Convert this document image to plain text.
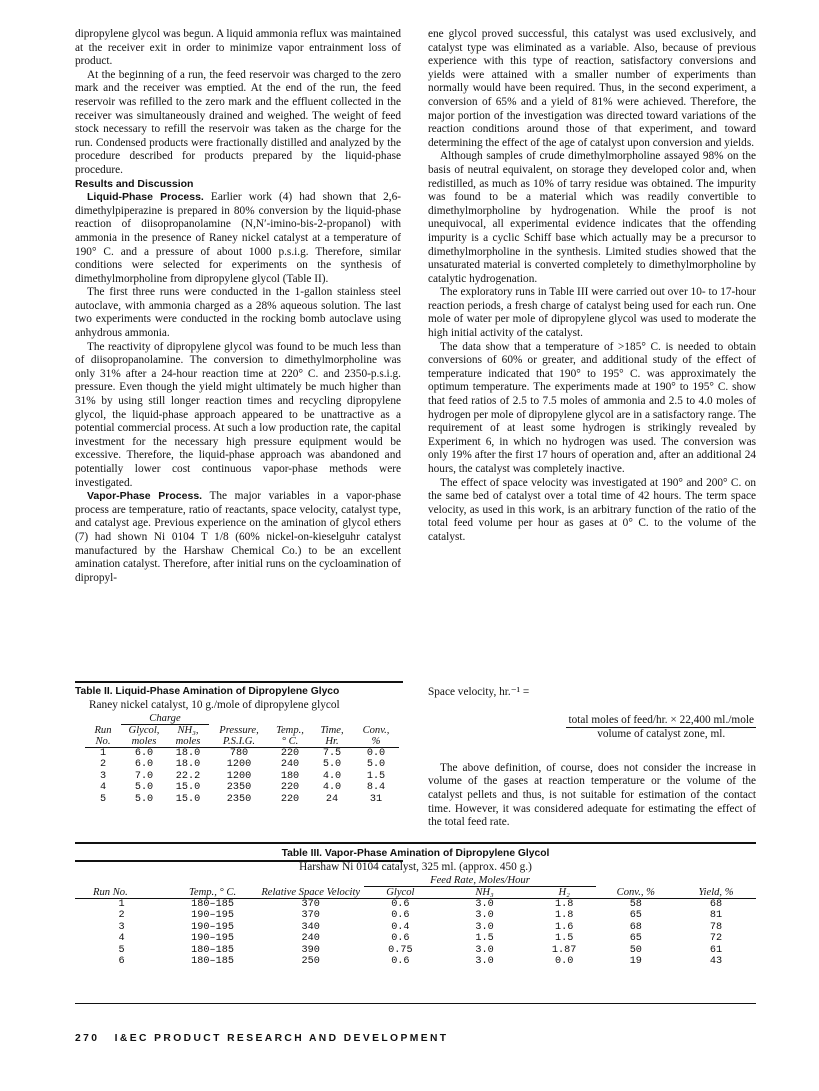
dipropylene glycol was begun. A liquid ammonia reflux was maintained at the receiver exit in order to minimize vapor entrainment loss of product.

At the beginning of a run, the feed reservoir was charged to the zero mark and the receiver was emptied. At the end of the run, the feed reservoir was refilled to the zero mark and the effluent collected in the receiver was simultaneously drained and weighed. The weight of feed stock necessary to refill the reservoir was taken as the charge for the run. Condensed products were fractionally distilled and analyzed by the procedure described for products prepared by the liquid-phase procedure.

Results and Discussion

Liquid-Phase Process. Earlier work (4) had shown that 2,6-dimethylpiperazine is prepared in 80% conversion by the liquid-phase reaction of diisopropanolamine (N,N′-imino-bis-2-propanol) with ammonia in the presence of Raney nickel catalyst at a temperature of 190° C. and a pressure of about 1000 p.s.i.g. Therefore, similar conditions were selected for experiments on the synthesis of dimethylmorpholine from dipropylene glycol (Table II).

The first three runs were conducted in the 1-gallon stainless steel autoclave, with ammonia charged as a 28% aqueous solution. The last two experiments were conducted in the rocking bomb autoclave using anhydrous ammonia.

The reactivity of dipropylene glycol was found to be much less than of diisopropanolamine. The conversion to dimethylmorpholine was only 31% after a 24-hour reaction time at 220° C. and 2350-p.s.i.g. pressure. Even though the yield might ultimately be much higher than 31% by using still longer reaction times and recycling dipropylene glycol, the liquid-phase approach appeared to be unattractive as a potential commercial process. At such a low production rate, the capital investment for the necessary high pressure equipment would be excessive. Therefore, the liquid-phase approach was abandoned and potentially lower cost continuous vapor-phase methods were investigated.

Vapor-Phase Process. The major variables in a vapor-phase process are temperature, ratio of reactants, space velocity, catalyst type, and catalyst age. Previous experience on the amination of glycol ethers (7) had shown Ni 0104 T 1/8 (60% nickel-on-kieselguhr catalyst manufactured by the Harshaw Chemical Co.) to be an excellent amination catalyst. Therefore, after initial runs on the cycloamination of dipropyl-

ene glycol proved successful, this catalyst was used exclusively, and catalyst type was eliminated as a variable. Also, because of previous experience with this type of reaction, satisfactory conversions and yields were attained with a smaller number of experiments than normally would have been required. Thus, in the second experiment, a conversion of 65% and a yield of 81% were achieved. Therefore, the major portion of the investigation was directed toward variations of the reaction conditions around those of that experiment, and toward determining the effect of the age of catalyst upon conversion and yields.

Although samples of crude dimethylmorpholine assayed 98% on the basis of neutral equivalent, on storage they developed color and, when redistilled, as much as 10% of tarry residue was obtained. The impurity was found to be a material which was readily convertible to dimethylmorpholine by hydrogenation. While the proof is not unequivocal, all experimental evidence indicates that the offending impurity is a cyclic Schiff base which actually may be a precursor to dimethylmorpholine in the synthesis. Limited studies showed that the unsaturated material is converted completely to dimethylmorpholine by catalytic hydrogenation.

The exploratory runs in Table III were carried out over 10- to 17-hour reaction periods, a fresh charge of catalyst being used for each run. One mole of water per mole of dipropylene glycol was used to moderate the high initial activity of the catalyst.

The data show that a temperature of >185° C. is needed to obtain conversions of 60% or greater, and additional study of the effect of temperature indicated that 190° to 195° C. was approximately the optimum temperature. The experiments made at 190° to 195° C. show that feed ratios of 2.5 to 7.5 moles of ammonia and 2.5 to 4.0 moles of hydrogen per mole of dipropylene glycol are in a satisfactory range. The requirement of at least some hydrogen is strikingly revealed by Experiment 6, in which no hydrogen was used. The conversion was only 19% after the first 17 hours of operation and, after an additional 24 hours, the catalyst was completely inactive.

The effect of space velocity was investigated at 190° and 200° C. on the same bed of catalyst over a total time of 42 hours. The term space velocity, as used in this work, is an arbitrary function of the ratio of the total feed volume per hour as gases at 0° C. to the volume of the catalyst.

Table II. Liquid-Phase Amination of Dipropylene Glyco
Raney nickel catalyst, 10 g./mole of dipropylene glycol
	Charge					
Run No.	Glycol, moles	NH₃, moles	Pressure, P.S.I.G.	Temp., ° C.	Time, Hr.	Conv., %
1	6.0	18.0	780	220	7.5	0.0
2	6.0	18.0	1200	240	5.0	5.0
3	7.0	22.2	1200	180	4.0	1.5
4	5.0	15.0	2350	220	4.0	8.4
5	5.0	15.0	2350	220	24	31
Space velocity, hr.⁻¹ =
$\frac{\text{total moles of feed/hr. × 22,400 ml./mole}}{\text{volume of catalyst zone, ml.}}$

The above definition, of course, does not consider the increase in volume of the gases at reaction temperature or the volume of the catalyst pellets and thus, is not suitable for estimation of the contact time. However, it was considered adequate for estimating the effect of the total feed rate.

Table III. Vapor-Phase Amination of Dipropylene Glycol
Harshaw Ni 0104 catalyst, 325 ml. (approx. 450 g.)
			Feed Rate, Moles/Hour				
Run No.	Temp., ° C.	Relative Space Velocity	Glycol	NH₃	H₂	Conv., %	Yield, %
1	180–185	370	0.6	3.0	1.8	58	68
2	190–195	370	0.6	3.0	1.8	65	81
3	190–195	340	0.4	3.0	1.6	68	78
4	190–195	240	0.6	1.5	1.5	65	72
5	180–185	390	0.75	3.0	1.87	50	61
6	180–185	250	0.6	3.0	0.0	19	43
270 I&EC PRODUCT RESEARCH AND DEVELOPMENT
